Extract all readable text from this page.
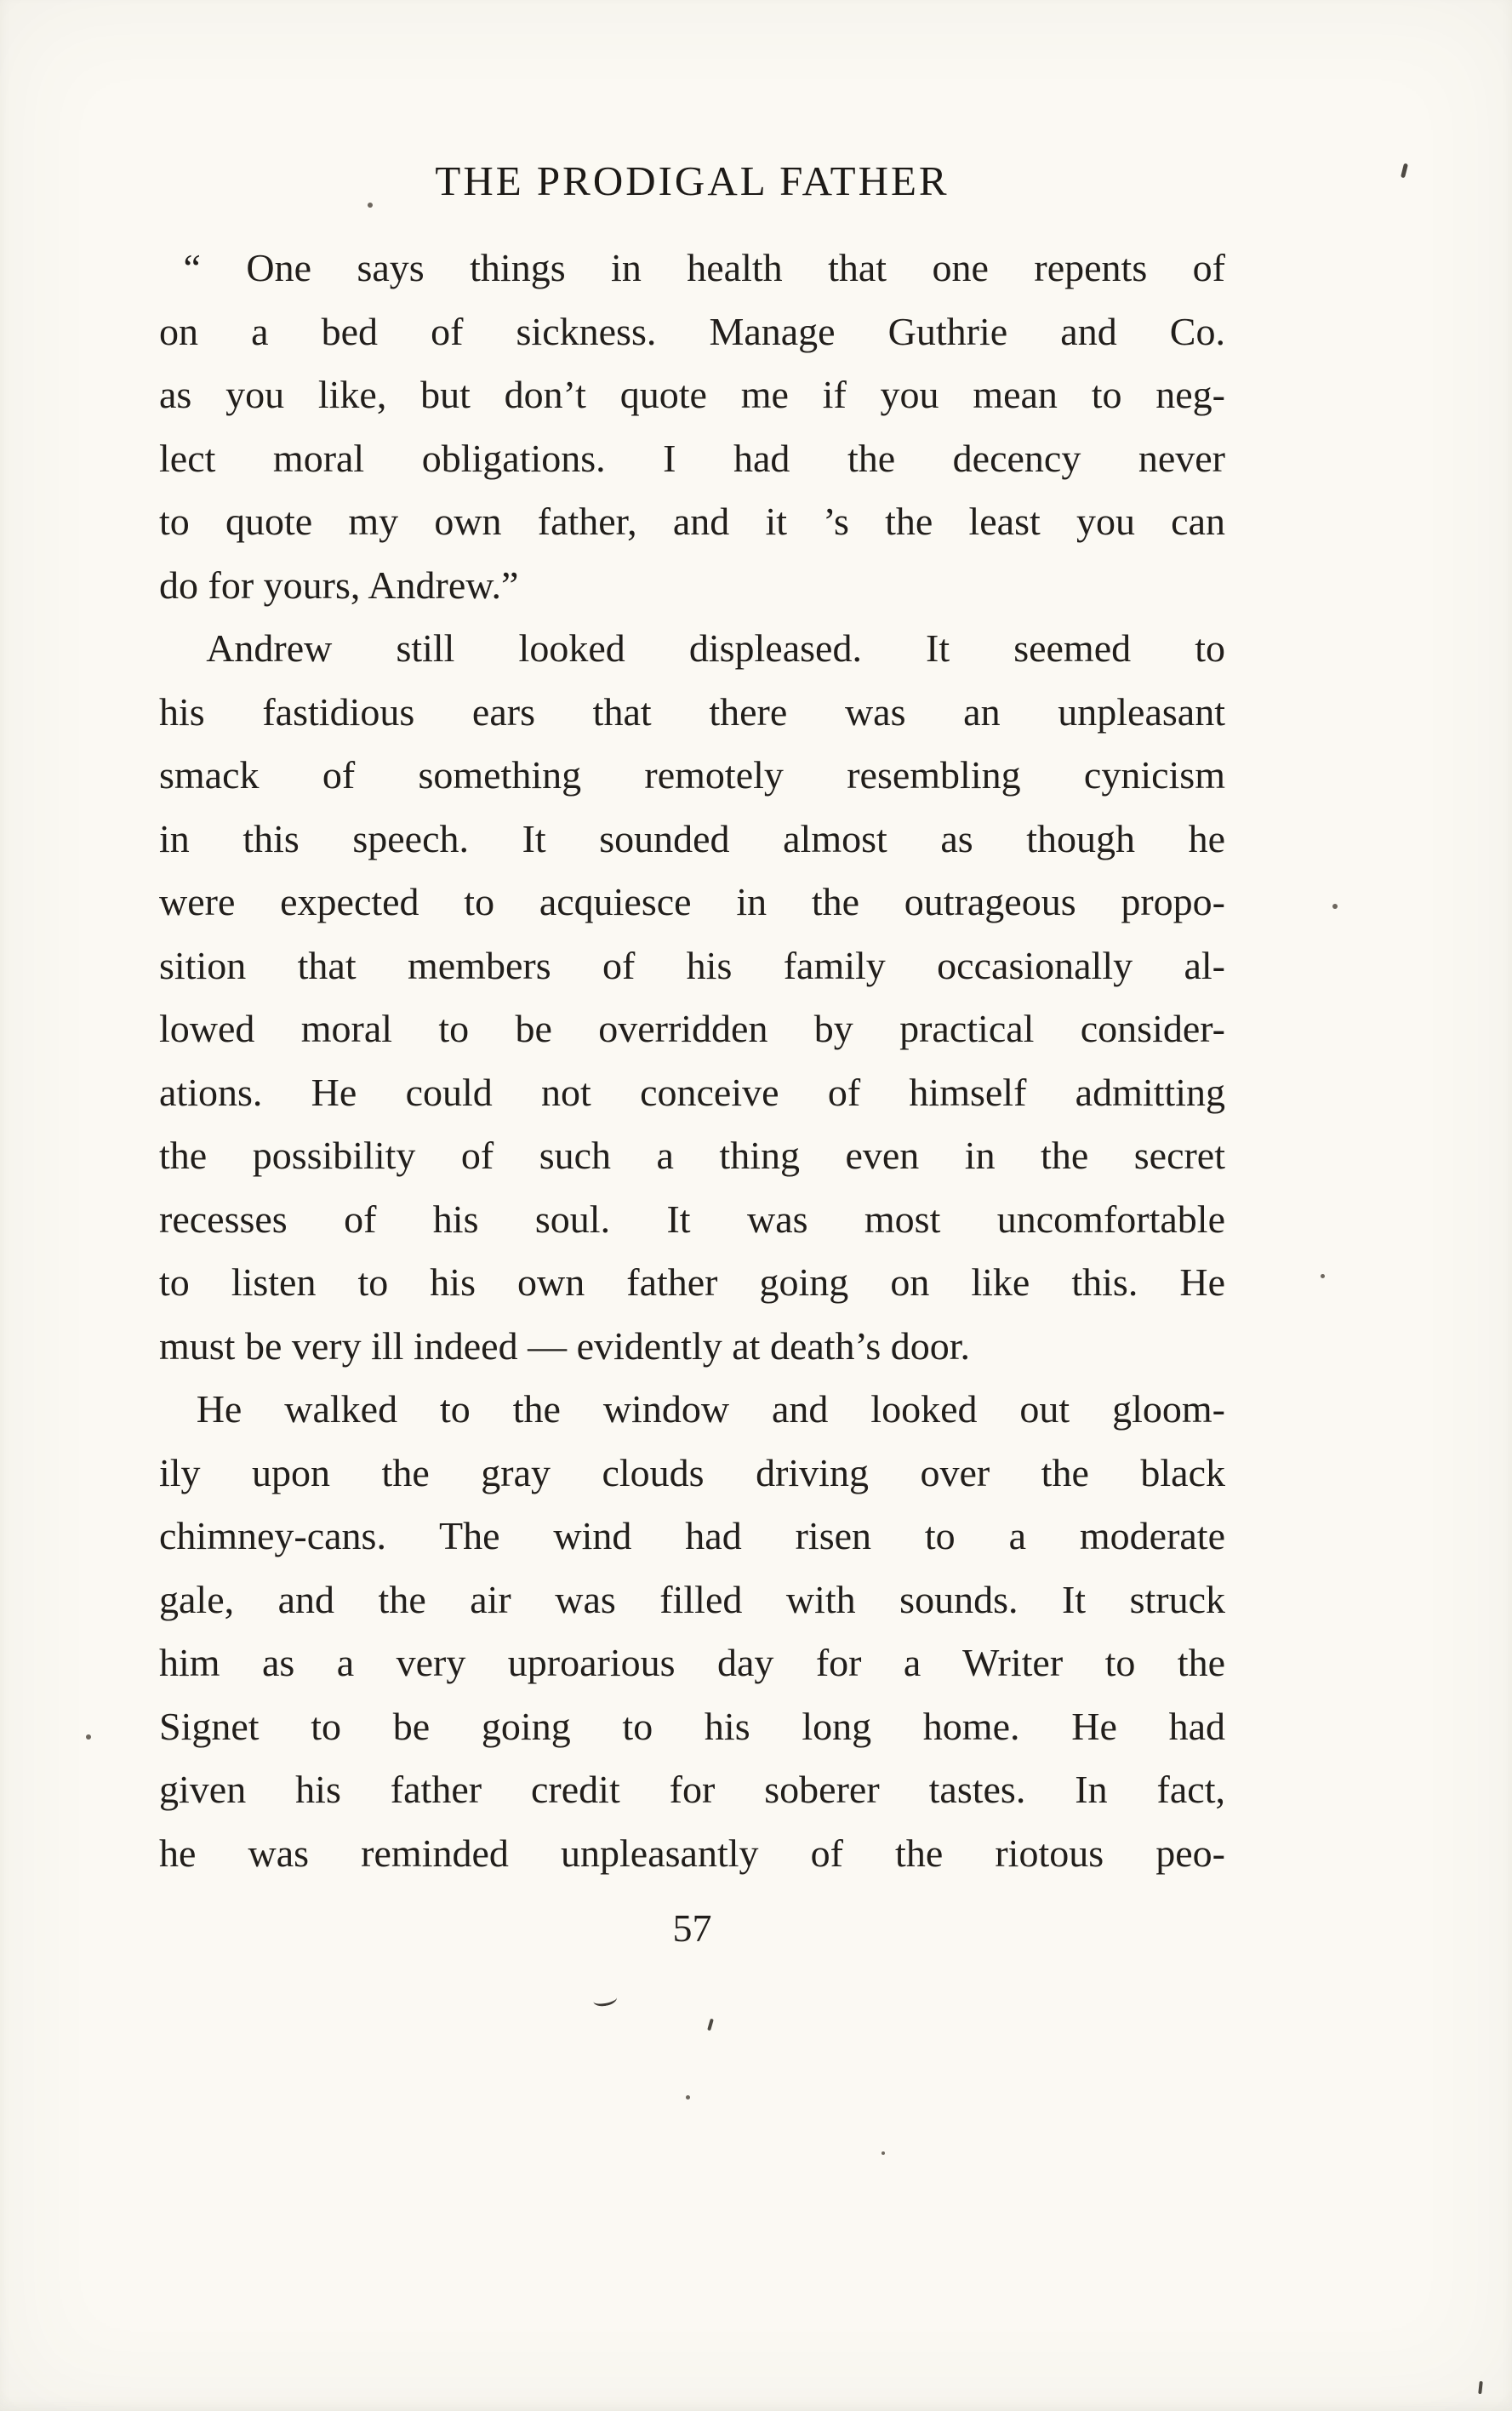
THE PRODIGAL FATHER
“ One says things in health that one repents of
on a bed of sickness. Manage Guthrie and Co.
as you like, but don’t quote me if you mean to neg-
lect moral obligations. I had the decency never
to quote my own father, and it ’s the least you can
do for yours, Andrew.”
Andrew still looked displeased. It seemed to
his fastidious ears that there was an unpleasant
smack of something remotely resembling cynicism
in this speech. It sounded almost as though he
were expected to acquiesce in the outrageous propo-
sition that members of his family occasionally al-
lowed moral to be overridden by practical consider-
ations. He could not conceive of himself admitting
the possibility of such a thing even in the secret
recesses of his soul. It was most uncomfortable
to listen to his own father going on like this. He
must be very ill indeed — evidently at death’s door.
He walked to the window and looked out gloom-
ily upon the gray clouds driving over the black
chimney-cans. The wind had risen to a moderate
gale, and the air was filled with sounds. It struck
him as a very uproarious day for a Writer to the
Signet to be going to his long home. He had
given his father credit for soberer tastes. In fact,
he was reminded unpleasantly of the riotous peo-
57
